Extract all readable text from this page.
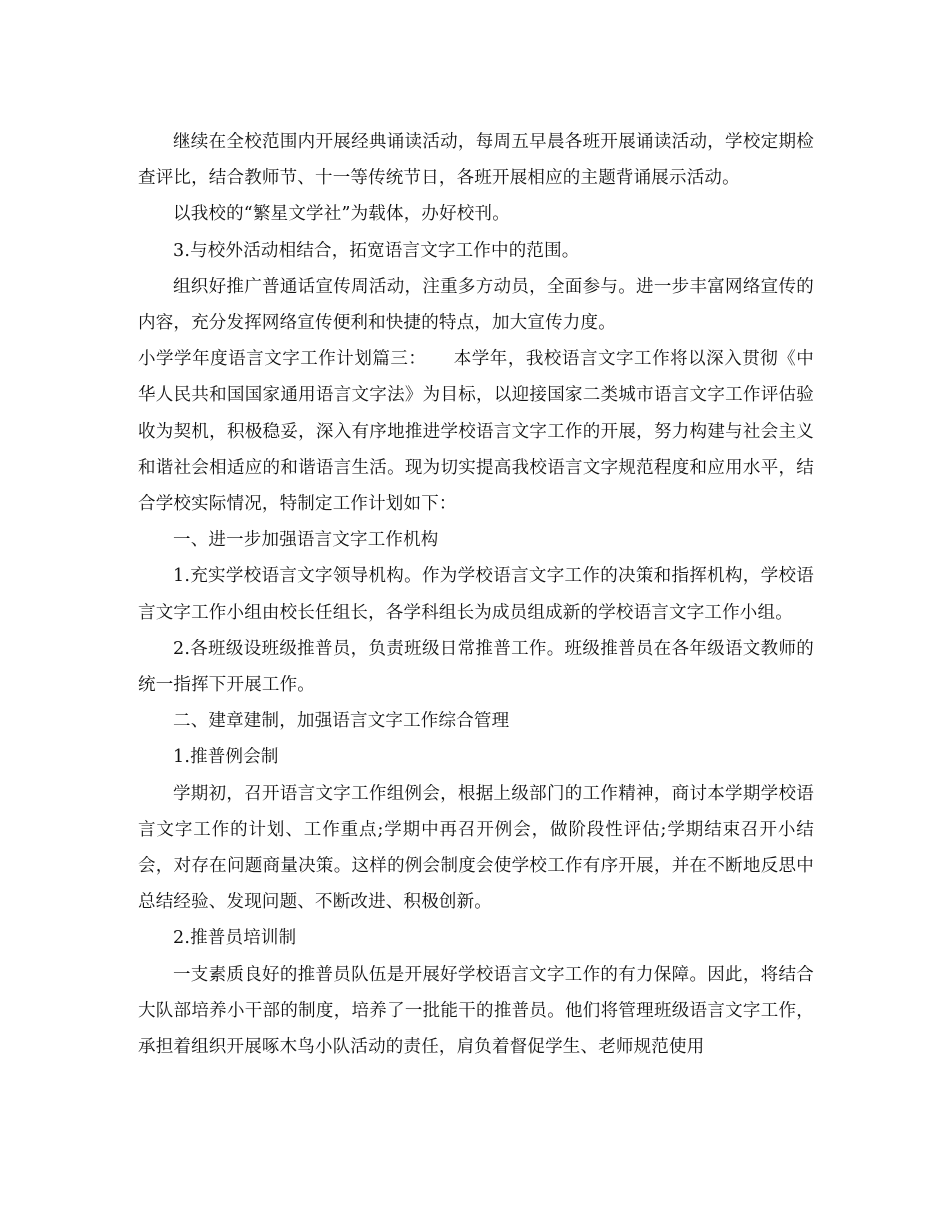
继续在全校范围内开展经典诵读活动，每周五早晨各班开展诵读活动，学校定期检查评比，结合教师节、十一等传统节日，各班开展相应的主题背诵展示活动。

以我校的“繁星文学社”为载体，办好校刊。

3.与校外活动相结合，拓宽语言文字工作中的范围。

组织好推广普通话宣传周活动，注重多方动员，全面参与。进一步丰富网络宣传的内容，充分发挥网络宣传便利和快捷的特点，加大宣传力度。

小学学年度语言文字工作计划篇三：　　本学年，我校语言文字工作将以深入贯彻《中华人民共和国国家通用语言文字法》为目标，以迎接国家二类城市语言文字工作评估验收为契机，积极稳妥，深入有序地推进学校语言文字工作的开展，努力构建与社会主义和谐社会相适应的和谐语言生活。现为切实提高我校语言文字规范程度和应用水平，结合学校实际情况，特制定工作计划如下：

一、进一步加强语言文字工作机构

1.充实学校语言文字领导机构。作为学校语言文字工作的决策和指挥机构，学校语言文字工作小组由校长任组长，各学科组长为成员组成新的学校语言文字工作小组。

2.各班级设班级推普员，负责班级日常推普工作。班级推普员在各年级语文教师的统一指挥下开展工作。

二、建章建制，加强语言文字工作综合管理

1.推普例会制

学期初，召开语言文字工作组例会，根据上级部门的工作精神，商讨本学期学校语言文字工作的计划、工作重点;学期中再召开例会，做阶段性评估;学期结束召开小结会，对存在问题商量决策。这样的例会制度会使学校工作有序开展，并在不断地反思中总结经验、发现问题、不断改进、积极创新。

2.推普员培训制

一支素质良好的推普员队伍是开展好学校语言文字工作的有力保障。因此，将结合大队部培养小干部的制度，培养了一批能干的推普员。他们将管理班级语言文字工作，承担着组织开展啄木鸟小队活动的责任，肩负着督促学生、老师规范使用
